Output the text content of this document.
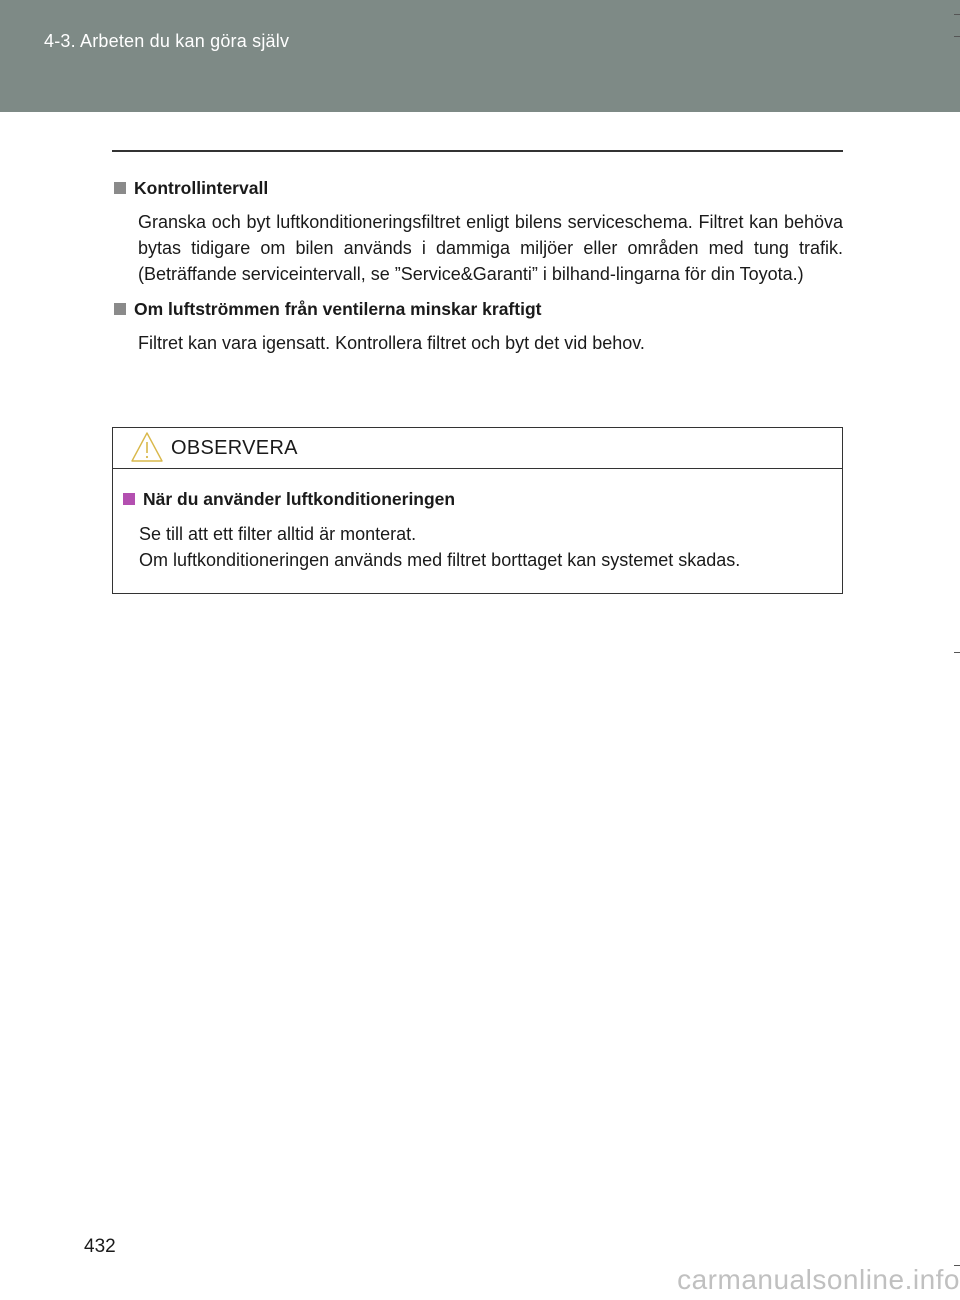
4-3. Arbeten du kan göra själv
Kontrollintervall
Granska och byt luftkonditioneringsfiltret enligt bilens serviceschema. Filtret kan behöva bytas tidigare om bilen används i dammiga miljöer eller områden med tung trafik. (Beträffande serviceintervall, se ”Service&Garanti” i bilhand-lingarna för din Toyota.)
Om luftströmmen från ventilerna minskar kraftigt
Filtret kan vara igensatt. Kontrollera filtret och byt det vid behov.
OBSERVERA
När du använder luftkonditioneringen
Se till att ett filter alltid är monterat.
Om luftkonditioneringen används med filtret borttaget kan systemet skadas.
432
carmanualsonline.info
